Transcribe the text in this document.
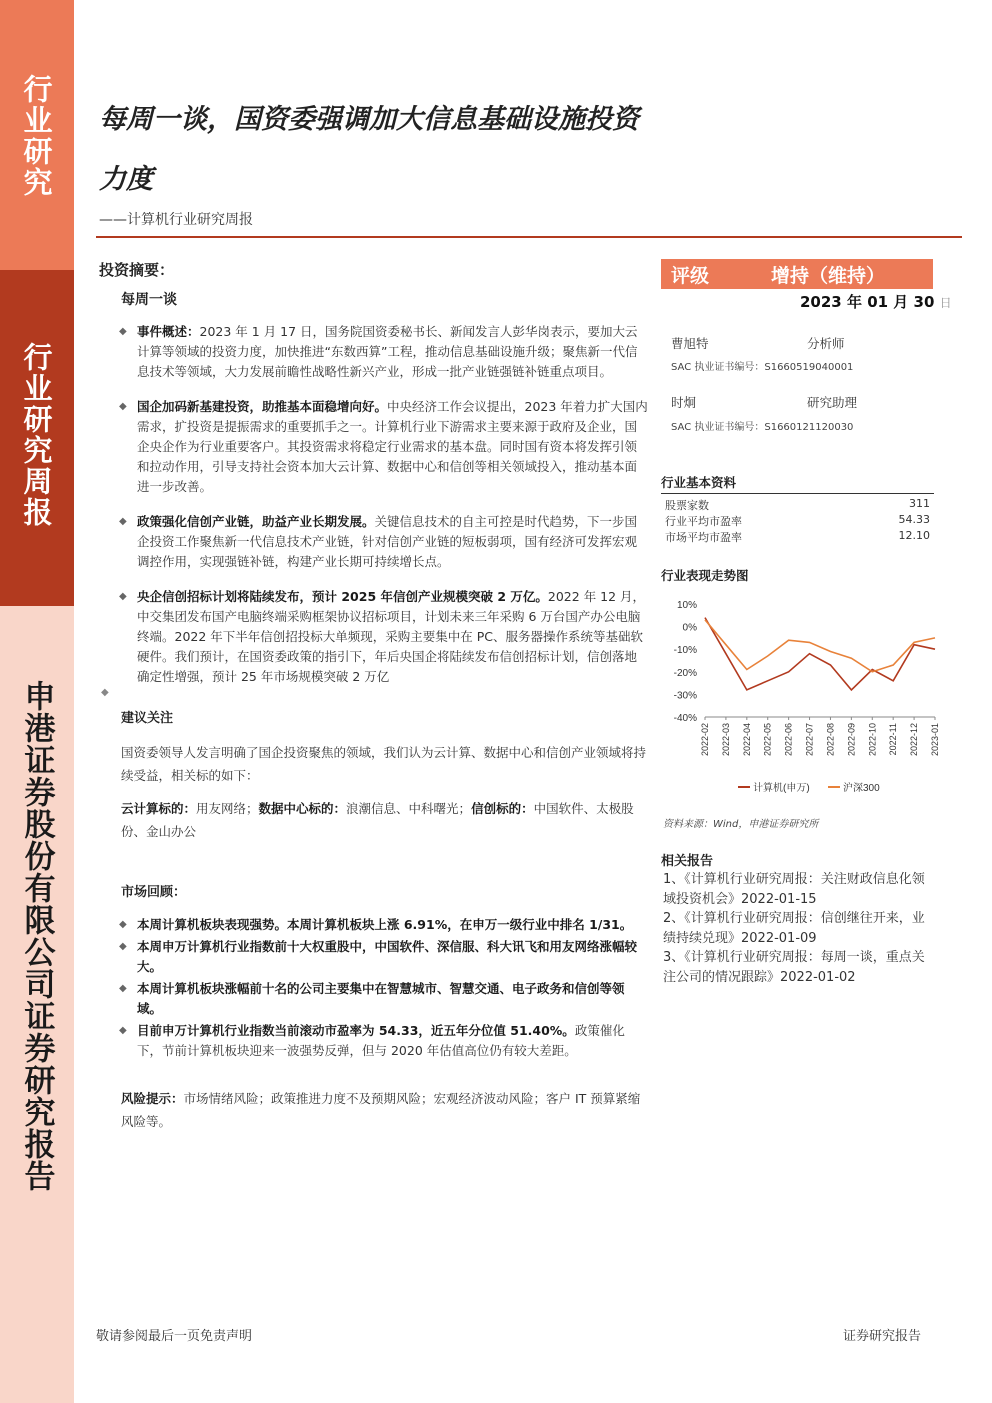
行业研究
行业研究周报
申港证券股份有限公司证券研究报告
每周一谈，国资委强调加大信息基础设施投资力度
——计算机行业研究周报
投资摘要：
每周一谈
◆ 事件概述：2023 年 1 月 17 日，国务院国资委秘书长、新闻发言人彭华岗表示，要加大云计算等领域的投资力度，加快推进“东数西算”工程，推动信息基础设施升级；聚焦新一代信息技术等领域，大力发展前瞻性战略性新兴产业，形成一批产业链强链补链重点项目。
◆ 国企加码新基建投资，助推基本面稳增向好。中央经济工作会议提出，2023 年着力扩大国内需求，扩投资是提振需求的重要抓手之一。计算机行业下游需求主要来源于政府及企业，国企央企作为行业重要客户。其投资需求将稳定行业需求的基本盘。同时国有资本将发挥引领和拉动作用，引导支持社会资本加大云计算、数据中心和信创等相关领域投入，推动基本面进一步改善。
◆ 政策强化信创产业链，助益产业长期发展。关键信息技术的自主可控是时代趋势，下一步国企投资工作聚焦新一代信息技术产业链，针对信创产业链的短板弱项，国有经济可发挥宏观调控作用，实现强链补链，构建产业长期可持续增长点。
◆ 央企信创招标计划将陆续发布，预计 2025 年信创产业规模突破 2 万亿。2022 年 12 月，中交集团发布国产电脑终端采购框架协议招标项目，计划未来三年采购 6 万台国产办公电脑终端。2022 年下半年信创招投标大单频现，采购主要集中在 PC、服务器操作系统等基础软硬件。我们预计，在国资委政策的指引下，年后央国企将陆续发布信创招标计划，信创落地确定性增强，预计 25 年市场规模突破 2 万亿
◆
建议关注
国资委领导人发言明确了国企投资聚焦的领域，我们认为云计算、数据中心和信创产业领域将持续受益，相关标的如下：
云计算标的：用友网络；数据中心标的：浪潮信息、中科曙光；信创标的：中国软件、太极股份、金山办公
市场回顾：
◆ 本周计算机板块表现强势。本周计算机板块上涨 6.91%，在申万一级行业中排名 1/31。
◆ 本周申万计算机行业指数前十大权重股中，中国软件、深信服、科大讯飞和用友网络涨幅较大。
◆ 本周计算机板块涨幅前十名的公司主要集中在智慧城市、智慧交通、电子政务和信创等领域。
◆ 目前申万计算机行业指数当前滚动市盈率为 54.33，近五年分位值 51.40%。政策催化下，节前计算机板块迎来一波强势反弹，但与 2020 年估值高位仍有较大差距。
风险提示：市场情绪风险；政策推进力度不及预期风险；宏观经济波动风险；客户 IT 预算紧缩风险等。
评级	增持（维持）
2023 年 01 月 30 日
曹旭特	分析师
SAC 执业证书编号：S1660519040001
时炯	研究助理
SAC 执业证书编号：S1660121120030
行业基本资料
股票家数	311
行业平均市盈率	54.33
市场平均市盈率	12.10
行业表现走势图
10%
0%
-10%
-20%
-30%
-40%
2022-02 2022-03 2022-04 2022-05 2022-06 2022-07 2022-08 2022-09 2022-10 2022-11 2022-12 2023-01
计算机(申万)	沪深300
资料来源：Wind，申港证券研究所
相关报告
1、《计算机行业研究周报：关注财政信息化领域投资机会》2022-01-15
2、《计算机行业研究周报：信创继往开来，业绩持续兑现》2022-01-09
3、《计算机行业研究周报：每周一谈，重点关注公司的情况跟踪》2022-01-02
敬请参阅最后一页免责声明	证券研究报告
